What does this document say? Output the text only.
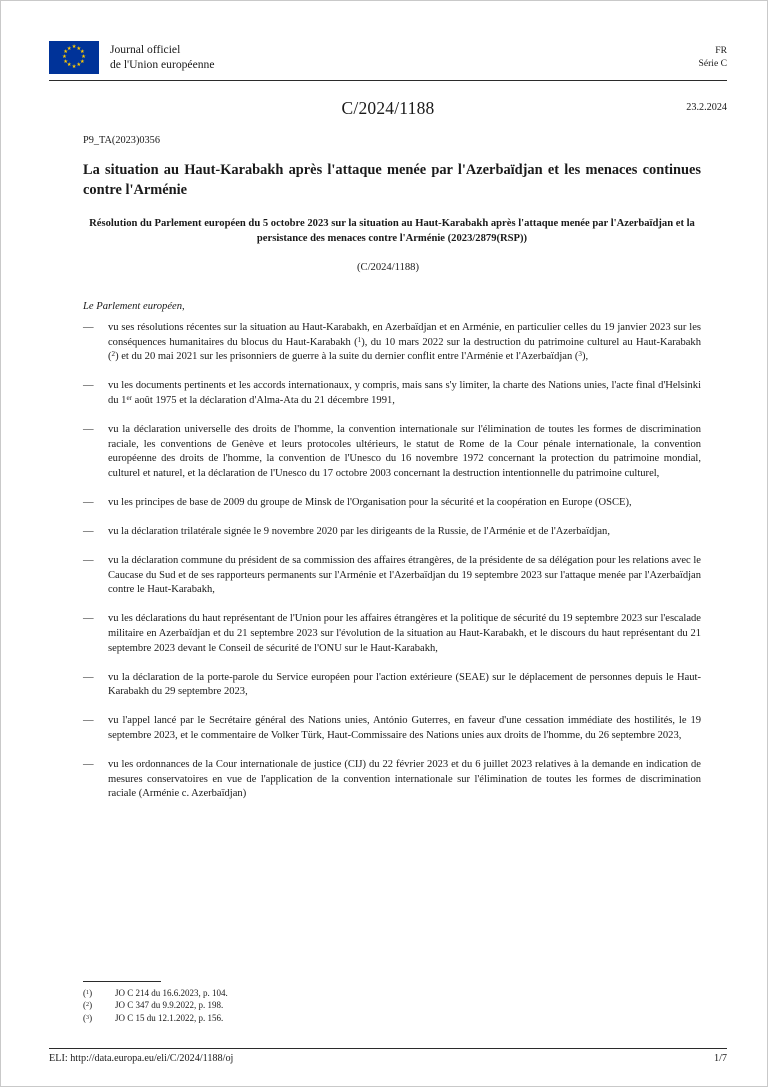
★ ★
★
★
★
★
★
★
★
★
★
★	Journal officiel
de l'Union européenne
FR
Série C
C/2024/1188	23.2.2024
P9_TA(2023)0356
La situation au Haut-Karabakh après l'attaque menée par l'Azerbaïdjan et les menaces continues contre l'Arménie
Résolution du Parlement européen du 5 octobre 2023 sur la situation au Haut-Karabakh après l'attaque menée par l'Azerbaïdjan et la persistance des menaces contre l'Arménie (2023/2879(RSP))
(C/2024/1188)
Le Parlement européen,
— vu ses résolutions récentes sur la situation au Haut-Karabakh, en Azerbaïdjan et en Arménie, en particulier celles du 19 janvier 2023 sur les conséquences humanitaires du blocus du Haut-Karabakh ($^1$), du 10 mars 2022 sur la destruction du patrimoine culturel au Haut-Karabakh ($^2$) et du 20 mai 2021 sur les prisonniers de guerre à la suite du dernier conflit entre l'Arménie et l'Azerbaïdjan ($^3$),
— vu les documents pertinents et les accords internationaux, y compris, mais sans s'y limiter, la charte des Nations unies, l'acte final d'Helsinki du 1er août 1975 et la déclaration d'Alma-Ata du 21 décembre 1991,
— vu la déclaration universelle des droits de l'homme, la convention internationale sur l'élimination de toutes les formes de discrimination raciale, les conventions de Genève et leurs protocoles ultérieurs, le statut de Rome de la Cour pénale internationale, la convention européenne des droits de l'homme, la convention de l'Unesco du 16 novembre 1972 concernant la protection du patrimoine mondial, culturel et naturel, et la déclaration de l'Unesco du 17 octobre 2003 concernant la destruction intentionnelle du patrimoine culturel,
— vu les principes de base de 2009 du groupe de Minsk de l'Organisation pour la sécurité et la coopération en Europe (OSCE),
— vu la déclaration trilatérale signée le 9 novembre 2020 par les dirigeants de la Russie, de l'Arménie et de l'Azerbaïdjan,
— vu la déclaration commune du président de sa commission des affaires étrangères, de la présidente de sa délégation pour les relations avec le Caucase du Sud et de ses rapporteurs permanents sur l'Arménie et l'Azerbaïdjan du 19 septembre 2023 sur l'attaque menée par l'Azerbaïdjan contre le Haut-Karabakh,
— vu les déclarations du haut représentant de l'Union pour les affaires étrangères et la politique de sécurité du 19 septembre 2023 sur l'escalade militaire en Azerbaïdjan et du 21 septembre 2023 sur l'évolution de la situation au Haut-Karabakh, et le discours du haut représentant du 21 septembre 2023 devant le Conseil de sécurité de l'ONU sur le Haut-Karabakh,
— vu la déclaration de la porte-parole du Service européen pour l'action extérieure (SEAE) sur le déplacement de personnes depuis le Haut-Karabakh du 29 septembre 2023,
— vu l'appel lancé par le Secrétaire général des Nations unies, António Guterres, en faveur d'une cessation immédiate des hostilités, le 19 septembre 2023, et le commentaire de Volker Türk, Haut-Commissaire des Nations unies aux droits de l'homme, du 26 septembre 2023,
— vu les ordonnances de la Cour internationale de justice (CIJ) du 22 février 2023 et du 6 juillet 2023 relatives à la demande en indication de mesures conservatoires en vue de l'application de la convention internationale sur l'élimination de toutes les formes de discrimination raciale (Arménie c. Azerbaïdjan)
($^1$)	JO C 214 du 16.6.2023, p. 104.
($^2$)	JO C 347 du 9.9.2022, p. 198.
($^3$)	JO C 15 du 12.1.2022, p. 156.
ELI: http://data.europa.eu/eli/C/2024/1188/oj	1/7
